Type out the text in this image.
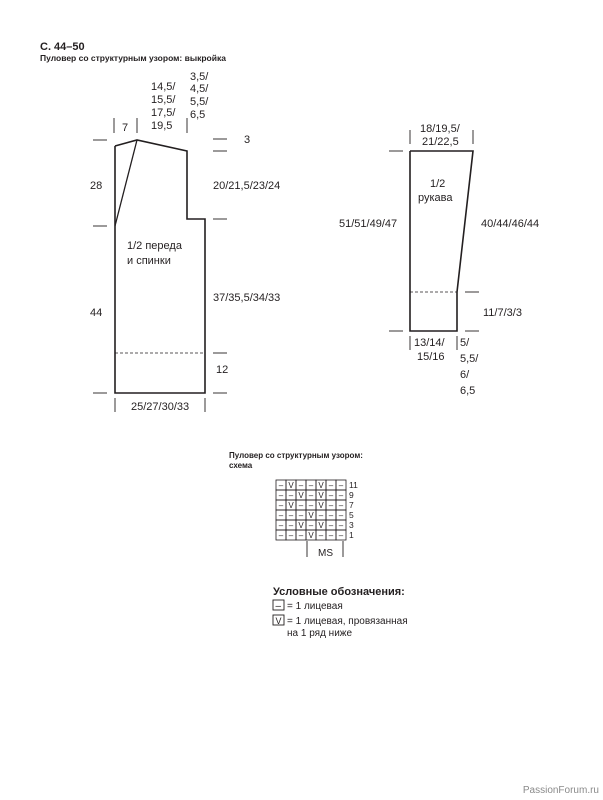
С. 44–50
Пуловер со структурным узором: выкройка
7
14,5/
15,5/
17,5/
19,5
3,5/
4,5/
5,5/
6,5
3
28	20/21,5/23/24
1/2 переда
и спинки
44
37/35,5/34/33
12
25/27/30/33
18/19,5/
21/22,5
1/2
рукава
51/51/49/47	40/44/46/44
11/7/3/3
13/14/
15/16
5/
5,5/
6/
6,5
Пуловер со структурным узором:
схема
– V – – V – – 11
– – V – V – – 9
– V – – V – – 7
– – – V – – – 5
– – V – V – – 3
– – – V – – – 1
MS
Условные обозначения:
– = 1 лицевая
V = 1 лицевая, провязанная
на 1 ряд ниже
PassionForum.ru
